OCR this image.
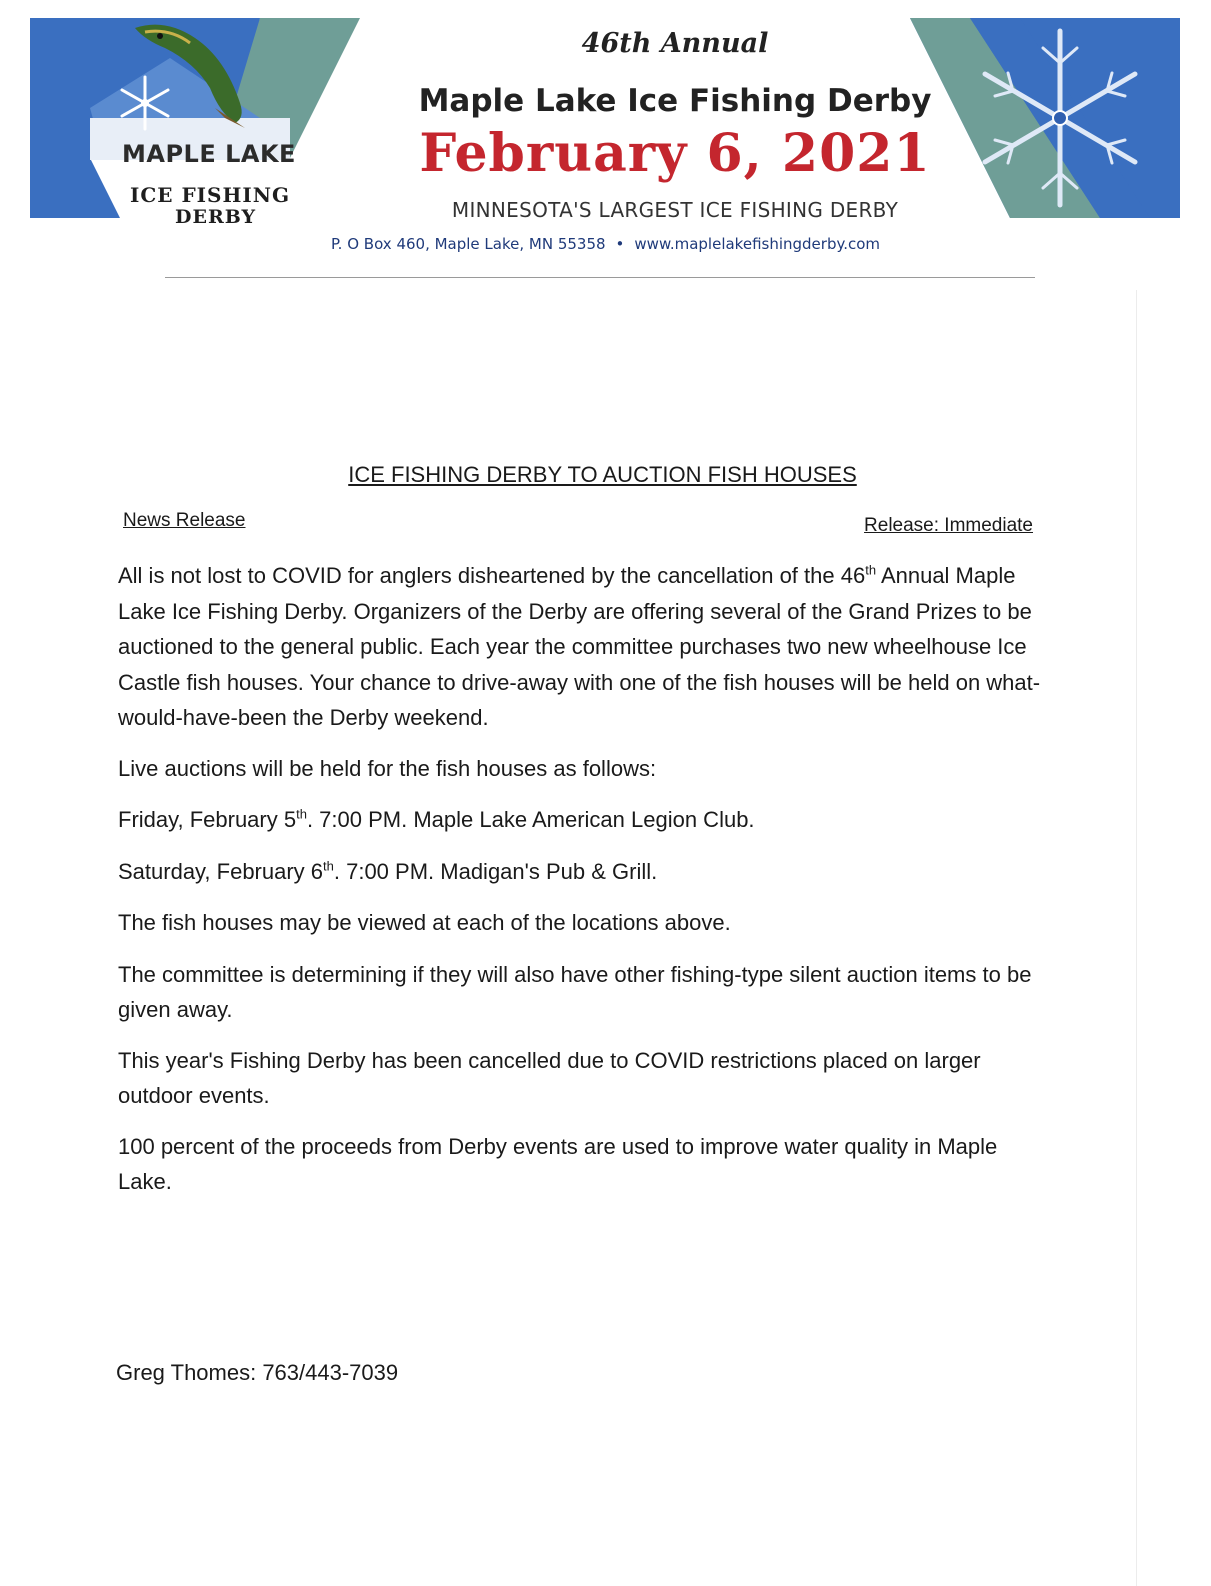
MAPLE LAKE
ICE FISHING
DERBY
46th Annual
Maple Lake Ice Fishing Derby
February 6, 2021
MINNESOTA'S LARGEST ICE FISHING DERBY
P. O Box 460, Maple Lake, MN 55358 • www.maplelakefishingderby.com
ICE FISHING DERBY TO AUCTION FISH HOUSES
News Release	Release: Immediate

All is not lost to COVID for anglers disheartened by the cancellation of the 46th Annual Maple Lake Ice Fishing Derby. Organizers of the Derby are offering several of the Grand Prizes to be auctioned to the general public. Each year the committee purchases two new wheelhouse Ice Castle fish houses. Your chance to drive-away with one of the fish houses will be held on what-would-have-been the Derby weekend.

Live auctions will be held for the fish houses as follows:

Friday, February 5th. 7:00 PM. Maple Lake American Legion Club.

Saturday, February 6th. 7:00 PM. Madigan's Pub & Grill.

The fish houses may be viewed at each of the locations above.

The committee is determining if they will also have other fishing-type silent auction items to be given away.

This year's Fishing Derby has been cancelled due to COVID restrictions placed on larger outdoor events.

100 percent of the proceeds from Derby events are used to improve water quality in Maple Lake.

Greg Thomes: 763/443-7039
